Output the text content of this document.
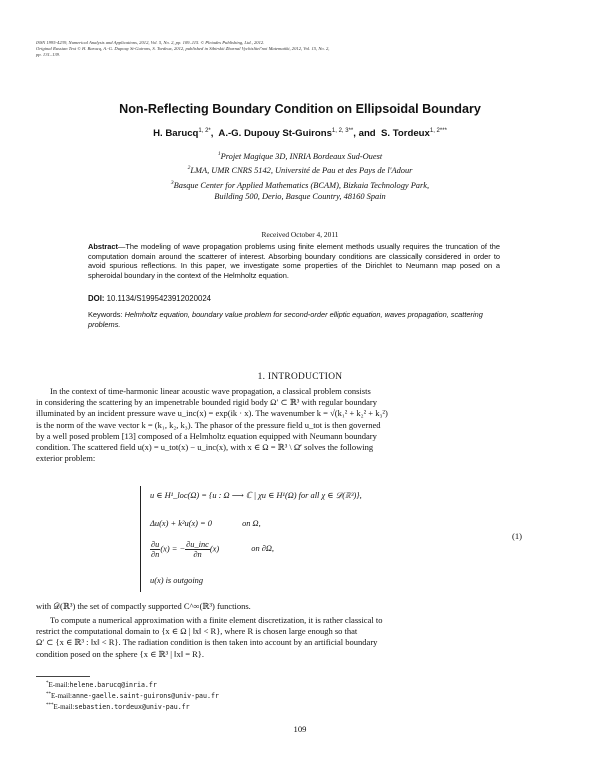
ISSN 1995-4239, Numerical Analysis and Applications, 2012, Vol. 5, No. 2, pp. 109–115. © Pleiades Publishing, Ltd., 2012.

Original Russian Text © H. Barucq, A.-G. Dupouy St-Guirons, S. Tordeux, 2012, published in Sibirskii Zhurnal Vychislitel'noi Matematiki, 2012, Vol. 15, No. 2,

pp. 131–139.

Non-Reflecting Boundary Condition on Ellipsoidal Boundary
H. Barucq$^{1, 2*}$,  A.-G. Dupouy St-Guirons$^{1, 2, 3**}$, and S. Tordeux$^{1, 2***}$
$^1$Projet Magique 3D, INRIA Bordeaux Sud-Ouest
$^2$LMA, UMR CNRS 5142, Université de Pau et des Pays de l'Adour
$^3$Basque Center for Applied Mathematics (BCAM), Bizkaia Technology Park,
Building 500, Derio, Basque Country, 48160 Spain
Received October 4, 2011
Abstract—The modeling of wave propagation problems using finite element methods usually requires the truncation of the computation domain around the scatterer of interest. Absorbing boundary conditions are classically considered in order to avoid spurious reflections. In this paper, we investigate some properties of the Dirichlet to Neumann map posed on a spheroidal boundary in the context of the Helmholtz equation.
DOI: 10.1134/S1995423912020024
Keywords: Helmholtz equation, boundary value problem for second-order elliptic equation, waves propagation, scattering problems.
1. INTRODUCTION
In the context of time-harmonic linear acoustic wave propagation, a classical problem consists
in considering the scattering by an impenetrable bounded rigid body Ω′ ⊂ ℝ³ with regular boundary
illuminated by an incident pressure wave u_inc(x) = exp(ik · x). The wavenumber k = √(k₁² + k₂² + k₃²)
is the norm of the wave vector k = (k₁, k₂, k₃). The phasor of the pressure field u_tot is then governed
by a well posed problem [13] composed of a Helmholtz equation equipped with Neumann boundary
condition. The scattered field u(x) = u_tot(x) − u_inc(x), with x ∈ Ω = ℝ³ \ Ω̄′ solves the following
exterior problem:
u ∈ H¹_loc(Ω) = {u : Ω ⟶ ℂ | χu ∈ H¹(Ω) for all χ ∈ 𝒟(ℝ³)},
Δu(x) + k²u(x) = 0	on Ω,
$\frac{\partial u}{\partial n} (x)$ = − $\frac{\text{∂u\_inc}}{\partial n} (x)$	on ∂Ω,
u(x) is outgoing
(1)
with 𝒟(ℝ³) the set of compactly supported C^∞(ℝ³) functions.
To compute a numerical approximation with a finite element discretization, it is rather classical to
restrict the computational domain to {x ∈ Ω | ‖x‖ < R}, where R is chosen large enough so that
Ω′ ⊂ {x ∈ ℝ³ : ‖x‖ < R}. The radiation condition is then taken into account by an artificial boundary
condition posed on the sphere {x ∈ ℝ³ | ‖x‖ = R}.
*E-mail:helene.barucq@inria.fr
**E-mail:anne-gaelle.saint-guirons@univ-pau.fr
***E-mail:sebastien.tordeux@univ-pau.fr
109
